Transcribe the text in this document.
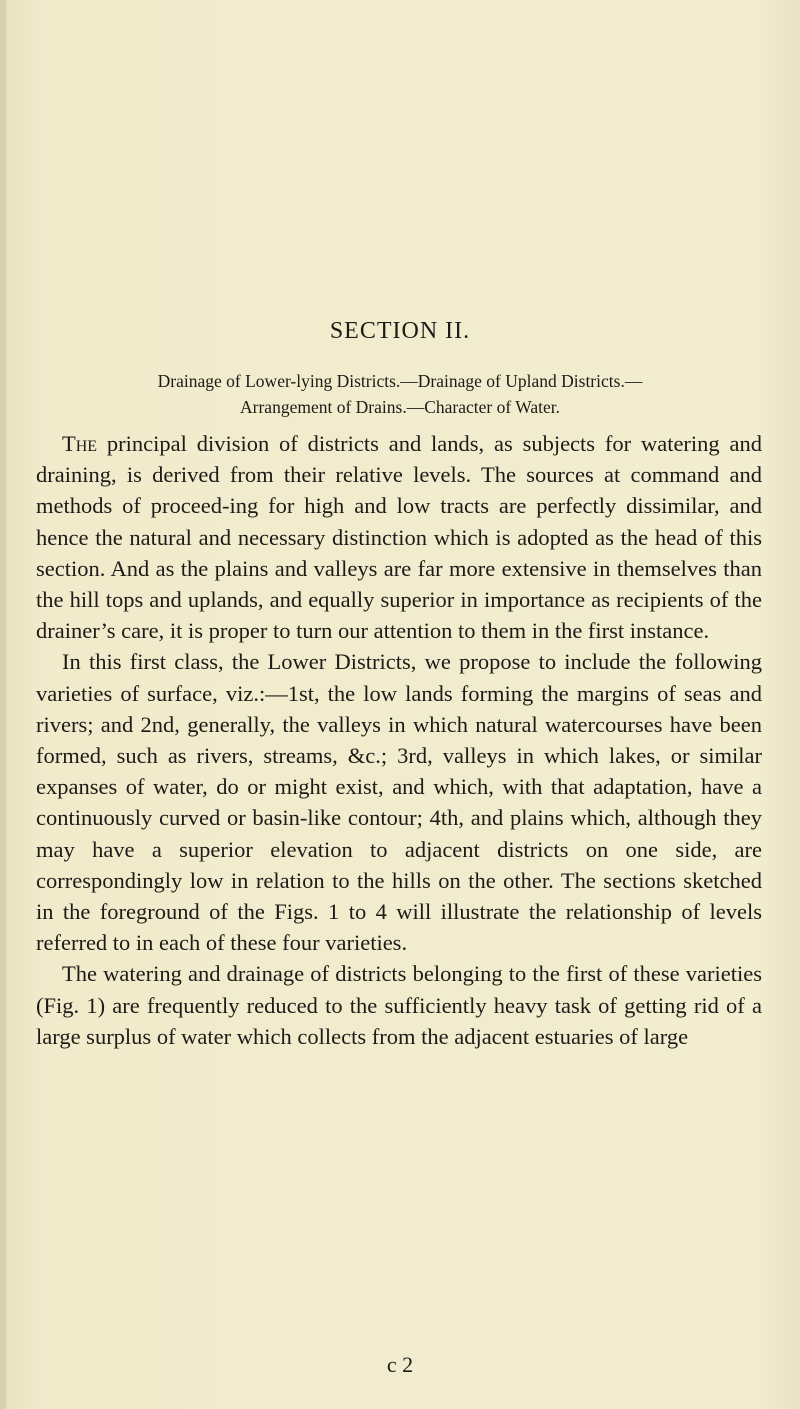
SECTION II.
Drainage of Lower-lying Districts.—Drainage of Upland Districts.—
Arrangement of Drains.—Character of Water.

The principal division of districts and lands, as subjects for watering and draining, is derived from their relative levels. The sources at command and methods of proceed-ing for high and low tracts are perfectly dissimilar, and hence the natural and necessary distinction which is adopted as the head of this section. And as the plains and valleys are far more extensive in themselves than the hill tops and uplands, and equally superior in importance as recipients of the drainer’s care, it is proper to turn our attention to them in the first instance.

In this first class, the Lower Districts, we propose to include the following varieties of surface, viz.:—1st, the low lands forming the margins of seas and rivers; and 2nd, generally, the valleys in which natural watercourses have been formed, such as rivers, streams, &c.; 3rd, valleys in which lakes, or similar expanses of water, do or might exist, and which, with that adaptation, have a continuously curved or basin-like contour; 4th, and plains which, although they may have a superior elevation to adjacent districts on one side, are correspondingly low in relation to the hills on the other. The sections sketched in the foreground of the Figs. 1 to 4 will illustrate the relationship of levels referred to in each of these four varieties.

The watering and drainage of districts belonging to the first of these varieties (Fig. 1) are frequently reduced to the sufficiently heavy task of getting rid of a large surplus of water which collects from the adjacent estuaries of large

c 2
